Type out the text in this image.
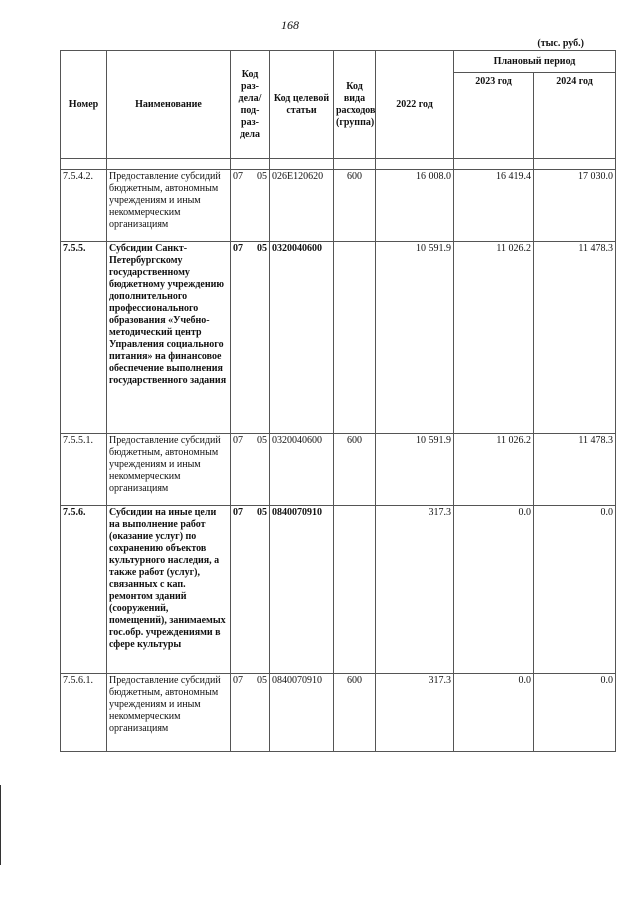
168
(тыс. руб.)
Номер	Наименование	Код раз- дела/ под- раз- дела	Код целевой статьи	Код вида расходов (группа)	2022 год	Плановый период	
						2023 год	2024 год

7.5.4.2.	Предоставление субсидий бюджетным, автономным учреждениям и иным некоммерческим организациям	07 05	026E120620	600	16 008.0	16 419.4	17 030.0
7.5.5.	Субсидии Санкт-Петербургскому государственному бюджетному учреждению дополнительного профессионального образования «Учебно-методический центр Управления социального питания» на финансовое обеспечение выполнения государственного задания	07 05	0320040600		10 591.9	11 026.2	11 478.3
7.5.5.1.	Предоставление субсидий бюджетным, автономным учреждениям и иным некоммерческим организациям	07 05	0320040600	600	10 591.9	11 026.2	11 478.3
7.5.6.	Субсидии на иные цели на выполнение работ (оказание услуг) по сохранению объектов культурного наследия, а также работ (услуг), связанных с кап. ремонтом зданий (сооружений, помещений), занимаемых гос.обр. учреждениями в сфере культуры	07 05	0840070910		317.3	0.0	0.0
7.5.6.1.	Предоставление субсидий бюджетным, автономным учреждениям и иным некоммерческим организациям	07 05	0840070910	600	317.3	0.0	0.0
